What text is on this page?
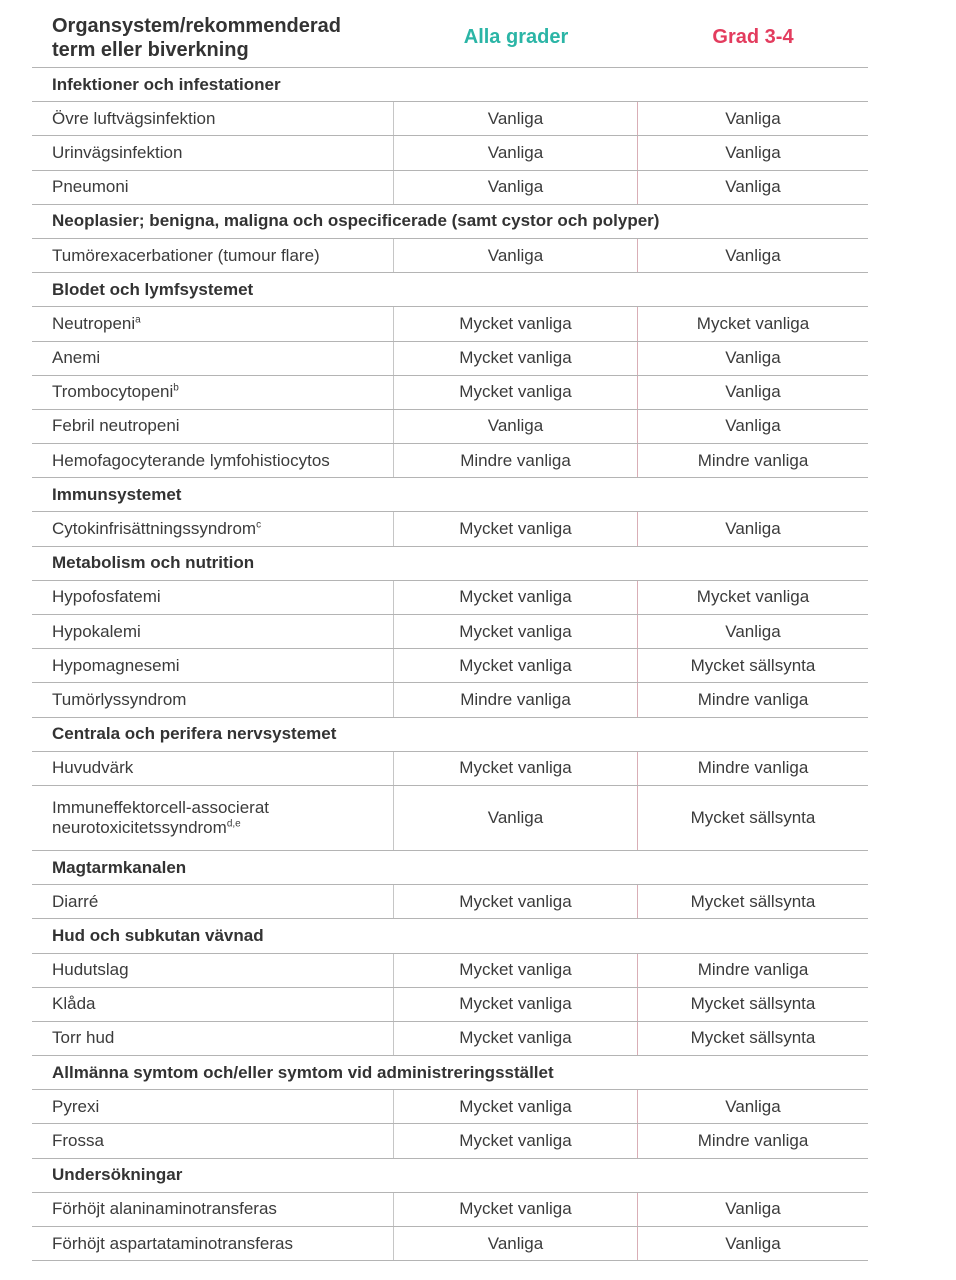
Organsystem/rekommenderad
term eller biverkning
Alla grader	Grad 3-4
Infektioner och infestationer
Övre luftvägsinfektion	Vanliga	Vanliga
Urinvägsinfektion	Vanliga	Vanliga
Pneumoni	Vanliga	Vanliga
Neoplasier; benigna, maligna och ospecificerade (samt cystor och polyper)
Tumörexacerbationer (tumour flare)	Vanliga	Vanliga
Blodet och lymfsystemet
Neutropeni$^a$	Mycket vanliga	Mycket vanliga
Anemi	Mycket vanliga	Vanliga
Trombocytopeni$^b$	Mycket vanliga	Vanliga
Febril neutropeni	Vanliga	Vanliga
Hemofagocyterande lymfohistiocytos	Mindre vanliga	Mindre vanliga
Immunsystemet
Cytokinfrisättningssyndrom$^c$	Mycket vanliga	Vanliga
Metabolism och nutrition
Hypofosfatemi	Mycket vanliga	Mycket vanliga
Hypokalemi	Mycket vanliga	Vanliga
Hypomagnesemi	Mycket vanliga	Mycket sällsynta
Tumörlyssyndrom	Mindre vanliga	Mindre vanliga
Centrala och perifera nervsystemet
Huvudvärk	Mycket vanliga	Mindre vanliga
Immuneffektorcell-associerat neurotoxicitetssyndrom$^{d,e}$	Vanliga	Mycket sällsynta
Magtarmkanalen
Diarré	Mycket vanliga	Mycket sällsynta
Hud och subkutan vävnad
Hudutslag	Mycket vanliga	Mindre vanliga
Klåda	Mycket vanliga	Mycket sällsynta
Torr hud	Mycket vanliga	Mycket sällsynta
Allmänna symtom och/eller symtom vid administreringsstället
Pyrexi	Mycket vanliga	Vanliga
Frossa	Mycket vanliga	Mindre vanliga
Undersökningar
Förhöjt alaninaminotransferas	Mycket vanliga	Vanliga
Förhöjt aspartataminotransferas	Vanliga	Vanliga
